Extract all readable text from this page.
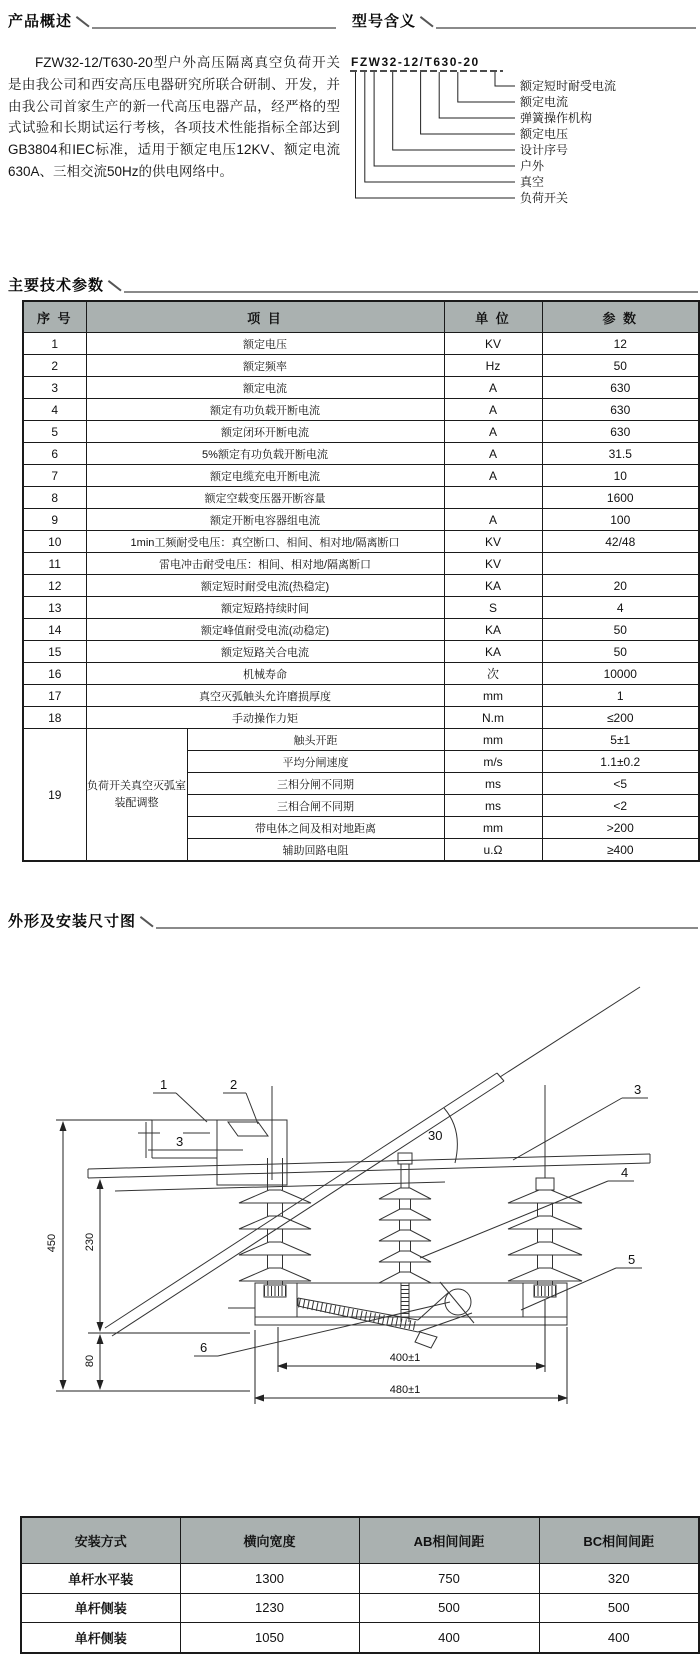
产品概述
FZW32-12/T630-20型户外高压隔离真空负荷开关是由我公司和西安高压电器研究所联合研制、开发，并由我公司首家生产的新一代高压电器产品，经严格的型式试验和长期试运行考核，各项技术性能指标全部达到GB3804和IEC标准，适用于额定电压12KV、额定电流630A、三相交流50Hz的供电网络中。
型号含义
FZW32-12/T630-20
额定短时耐受电流
额定电流
弹簧操作机构
额定电压
设计序号
户外
真空
负荷开关
主要技术参数
序 号	项 目		单 位	参 数
1	额定电压		KV	12
2	额定频率		Hz	50
3	额定电流		A	630
4	额定有功负载开断电流		A	630
5	额定闭环开断电流		A	630
6	5%额定有功负载开断电流		A	31.5
7	额定电缆充电开断电流		A	10
8	额定空载变压器开断容量			1600
9	额定开断电容器组电流		A	100
10	1min工频耐受电压：真空断口、相间、相对地/隔离断口		KV	42/48
11	雷电冲击耐受电压：相间、相对地/隔离断口		KV	
12	额定短时耐受电流(热稳定)		KA	20
13	额定短路持续时间		S	4
14	额定峰值耐受电流(动稳定)		KA	50
15	额定短路关合电流		KA	50
16	机械寿命		次	10000
17	真空灭弧触头允许磨损厚度		mm	1
18	手动操作力矩		N.m	≤200
19	负荷开关真空灭弧室装配调整	触头开距	mm	5±1
		平均分闸速度	m/s	1.1±0.2
		三相分闸不同期	ms	<5
		三相合闸不同期	ms	<2
		带电体之间及相对地距离	mm	>200
		辅助回路电阻	u.Ω	≥400
外形及安装尺寸图
30
450 230
80	400±1
480±1
1	2
3
3
4
5
6
安装方式	横向宽度	AB相间间距	BC相间间距
单杆水平装	1300	750	320
单杆侧装	1230	500	500
单杆侧装	1050	400	400
